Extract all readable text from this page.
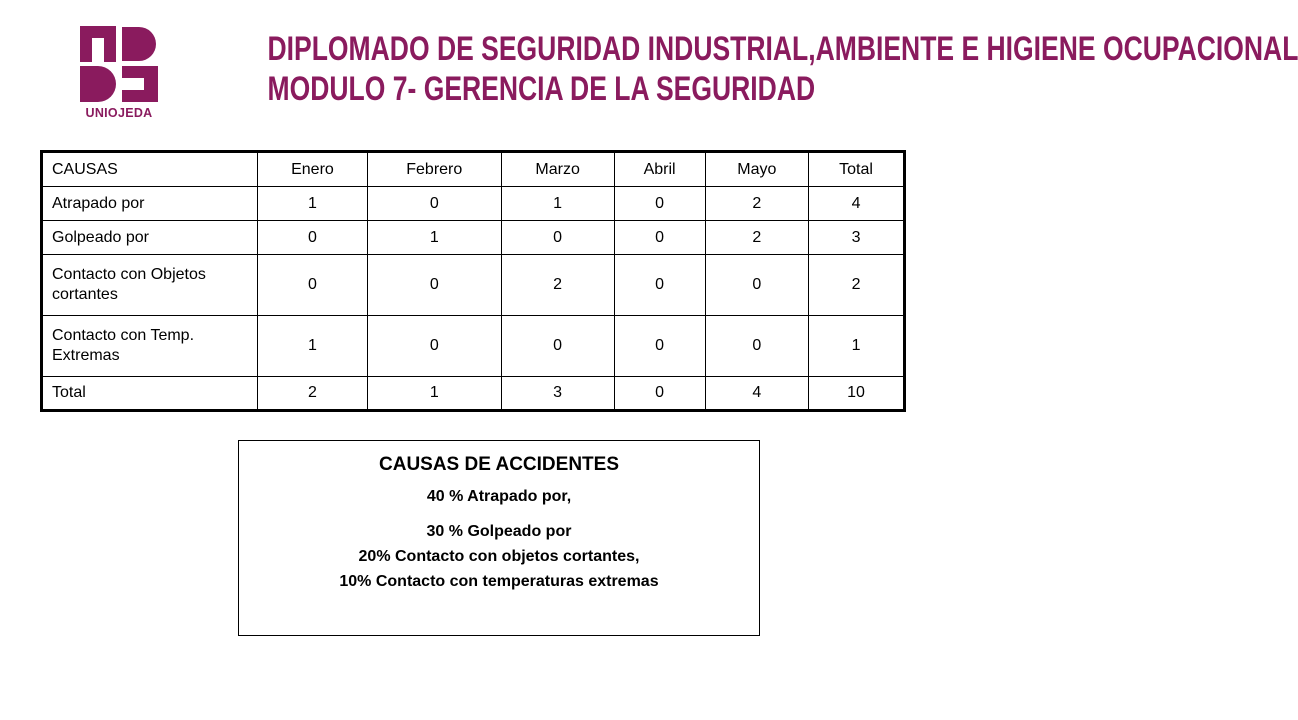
UNIOJEDA
DIPLOMADO DE SEGURIDAD INDUSTRIAL,AMBIENTE E HIGIENE OCUPACIONAL
MODULO 7- GERENCIA DE LA SEGURIDAD
CAUSAS	Enero	Febrero	Marzo	Abril	Mayo	Total
Atrapado por	1	0	1	0	2	4
Golpeado por	0	1	0	0	2	3
Contacto con Objetos cortantes	0	0	2	0	0	2
Contacto con Temp. Extremas	1	0	0	0	0	1
Total	2	1	3	0	4	10
CAUSAS DE ACCIDENTES
40 % Atrapado por,
30 % Golpeado por
20% Contacto con objetos cortantes,
10% Contacto con temperaturas extremas
